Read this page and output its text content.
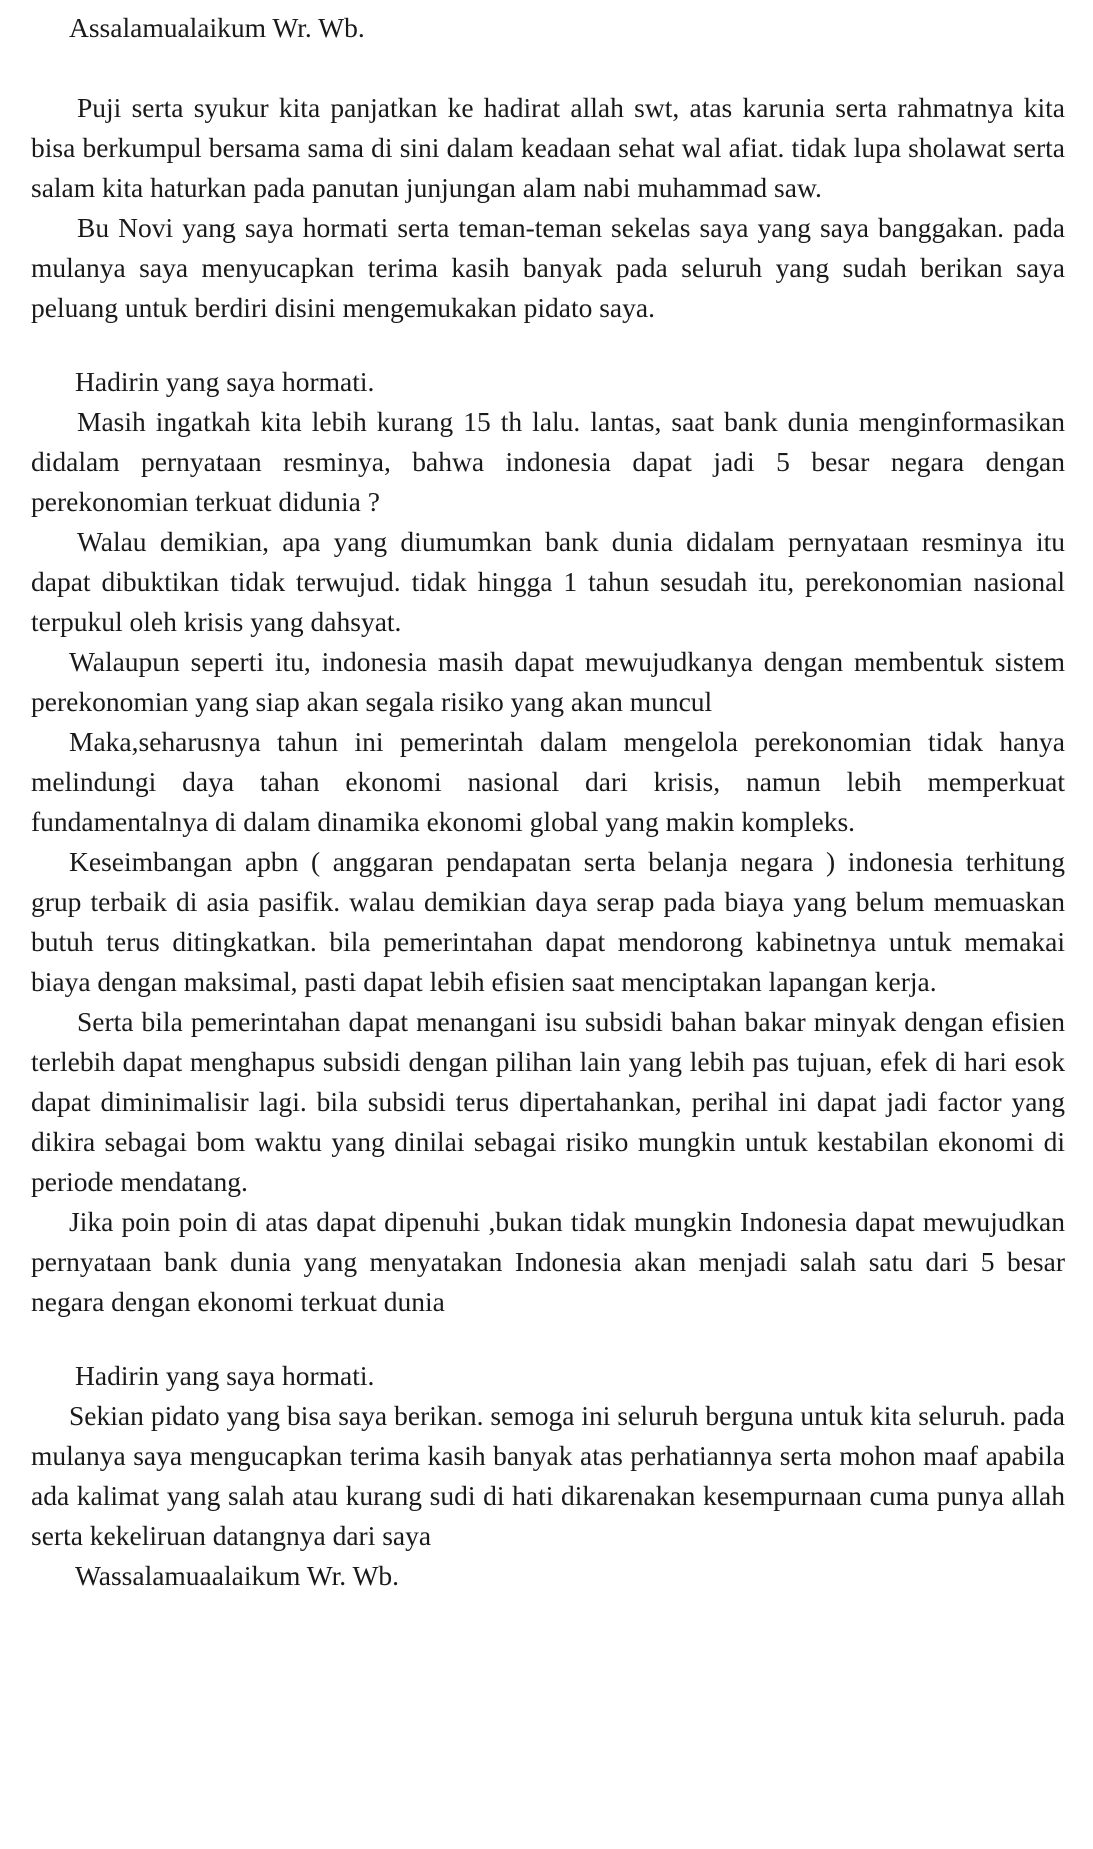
Assalamualaikum Wr. Wb.

Puji serta syukur kita panjatkan ke hadirat allah swt, atas karunia serta rahmatnya kita bisa berkumpul bersama sama di sini dalam keadaan sehat wal afiat. tidak lupa sholawat serta salam kita haturkan pada panutan junjungan alam nabi muhammad saw.

Bu Novi yang saya hormati serta teman-teman sekelas saya yang saya banggakan. pada mulanya saya menyucapkan terima kasih banyak pada seluruh yang sudah berikan saya peluang untuk berdiri disini mengemukakan pidato saya.

Hadirin yang saya hormati.

Masih ingatkah kita lebih kurang 15 th lalu. lantas, saat bank dunia menginformasikan didalam pernyataan resminya, bahwa indonesia dapat jadi 5 besar negara dengan perekonomian terkuat didunia ?

Walau demikian, apa yang diumumkan bank dunia didalam pernyataan resminya itu dapat dibuktikan tidak terwujud. tidak hingga 1 tahun sesudah itu, perekonomian nasional terpukul oleh krisis yang dahsyat.

Walaupun seperti itu, indonesia masih dapat mewujudkanya dengan membentuk sistem perekonomian yang siap akan segala risiko yang akan muncul

Maka,seharusnya tahun ini pemerintah dalam mengelola perekonomian tidak hanya melindungi daya tahan ekonomi nasional dari krisis, namun lebih memperkuat fundamentalnya di dalam dinamika ekonomi global yang makin kompleks.

Keseimbangan apbn ( anggaran pendapatan serta belanja negara ) indonesia terhitung grup terbaik di asia pasifik. walau demikian daya serap pada biaya yang belum memuaskan butuh terus ditingkatkan. bila pemerintahan dapat mendorong kabinetnya untuk memakai biaya dengan maksimal, pasti dapat lebih efisien saat menciptakan lapangan kerja.

Serta bila pemerintahan dapat menangani isu subsidi bahan bakar minyak dengan efisien terlebih dapat menghapus subsidi dengan pilihan lain yang lebih pas tujuan, efek di hari esok dapat diminimalisir lagi. bila subsidi terus dipertahankan, perihal ini dapat jadi factor yang dikira sebagai bom waktu yang dinilai sebagai risiko mungkin untuk kestabilan ekonomi di periode mendatang.

Jika poin poin di atas dapat dipenuhi ,bukan tidak mungkin Indonesia dapat mewujudkan pernyataan bank dunia yang menyatakan Indonesia akan menjadi salah satu dari 5 besar negara dengan ekonomi terkuat dunia

Hadirin yang saya hormati.

Sekian pidato yang bisa saya berikan. semoga ini seluruh berguna untuk kita seluruh. pada mulanya saya mengucapkan terima kasih banyak atas perhatiannya serta mohon maaf apabila ada kalimat yang salah atau kurang sudi di hati dikarenakan kesempurnaan cuma punya allah serta kekeliruan datangnya dari saya

Wassalamuaalaikum Wr. Wb.
